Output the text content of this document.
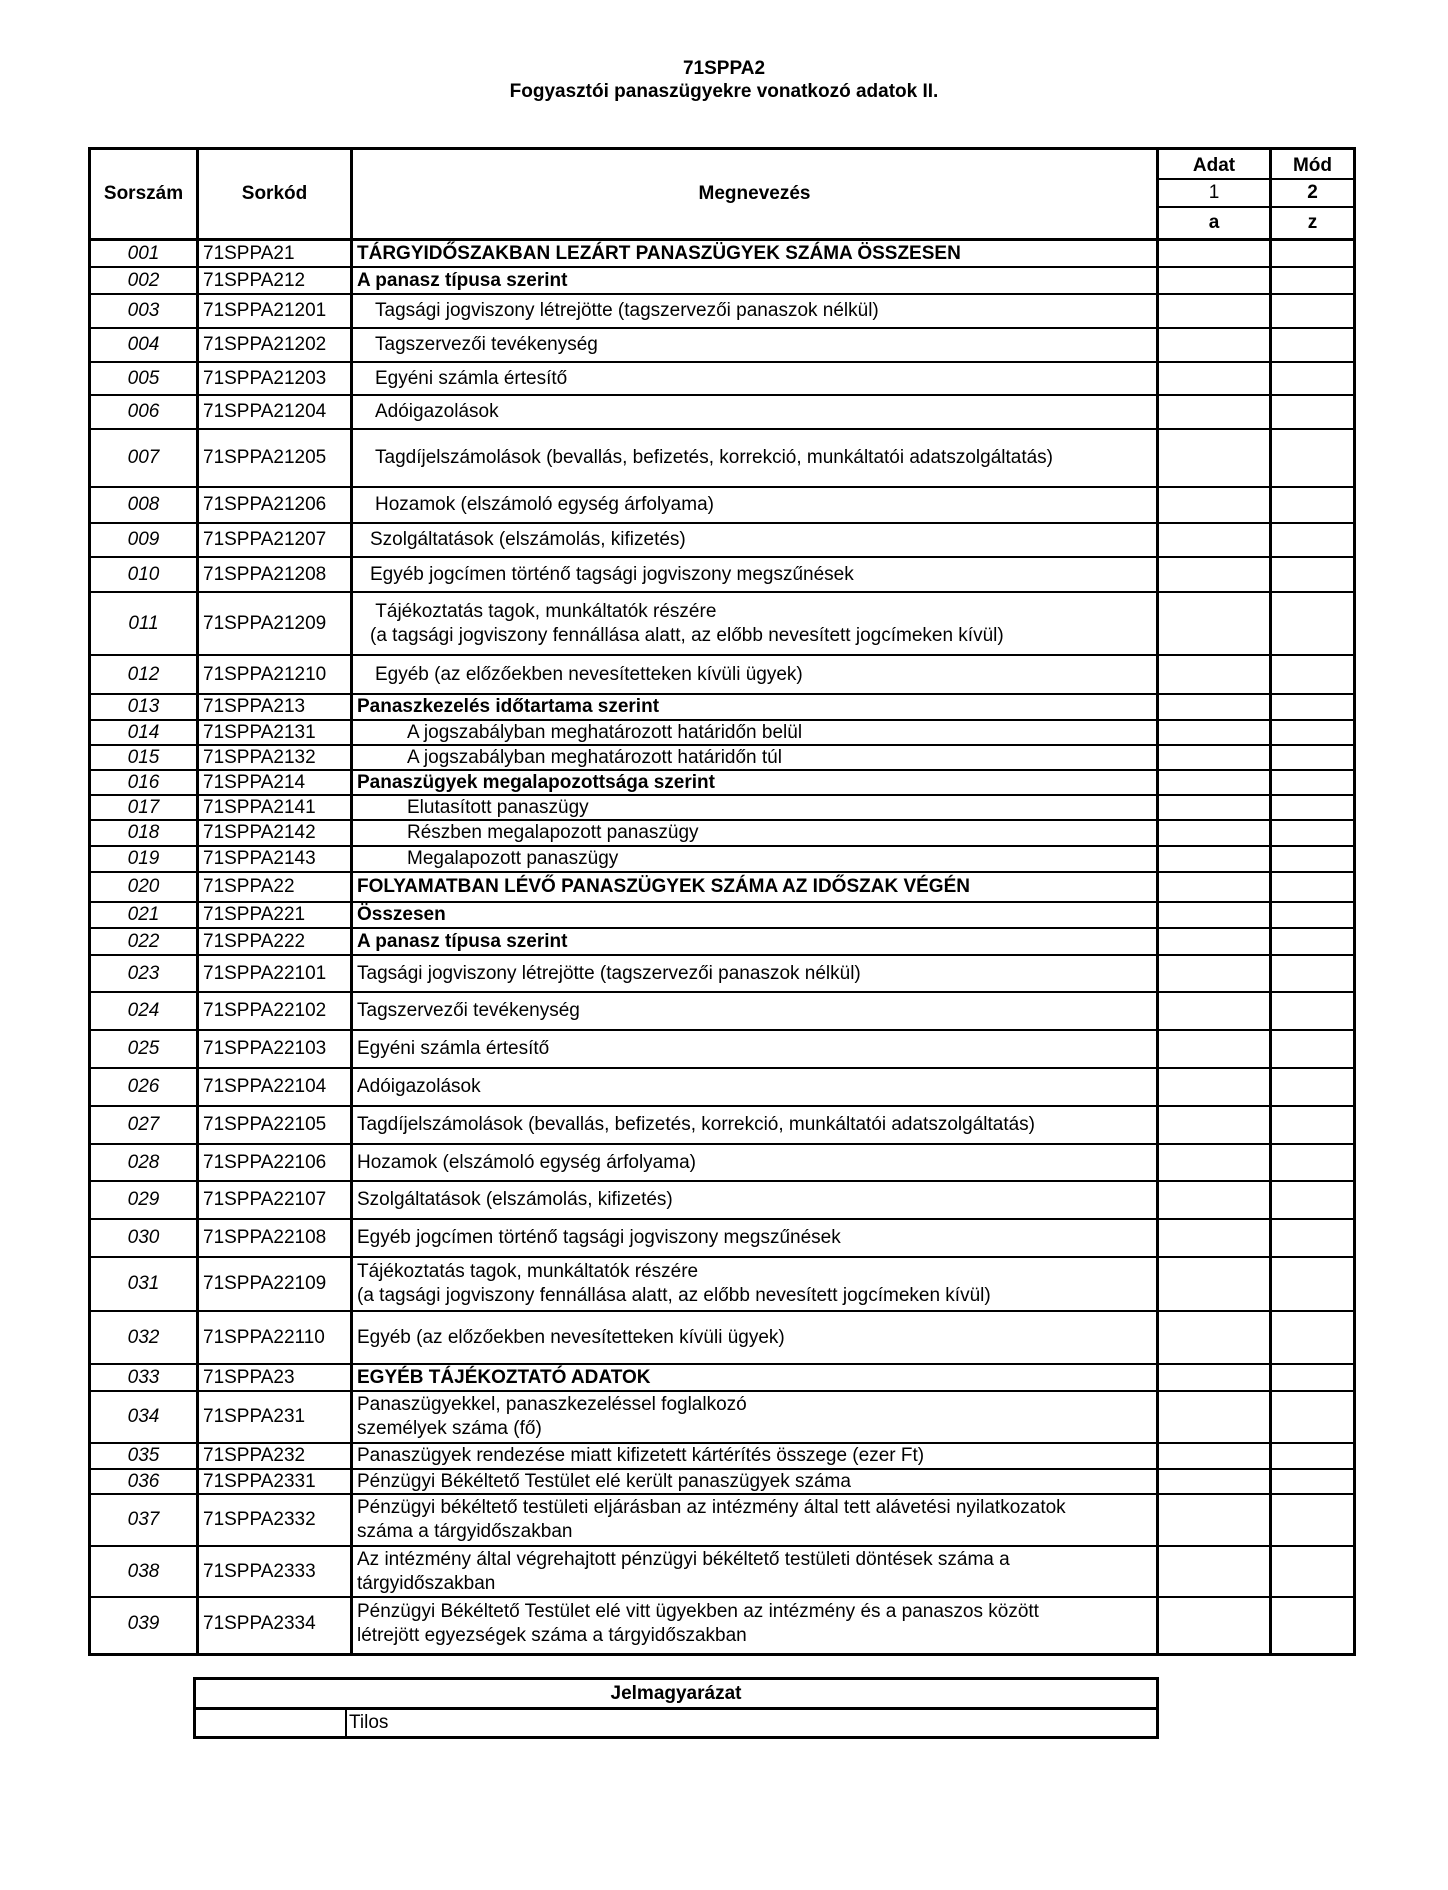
71SPPA2
Fogyasztói panaszügyekre vonatkozó adatok II.
Sorszám	Sorkód	Megnevezés
Adat	Mód
1	2
a	z
001	71SPPA21	TÁRGYIDŐSZAKBAN LEZÁRT PANASZÜGYEK SZÁMA ÖSSZESEN
002	71SPPA212	A panasz típusa szerint
003	71SPPA21201	Tagsági jogviszony létrejötte (tagszervezői panaszok nélkül)
004	71SPPA21202	Tagszervezői tevékenység
005	71SPPA21203	Egyéni számla értesítő
006	71SPPA21204	Adóigazolások
007	71SPPA21205	Tagdíjelszámolások (bevallás, befizetés, korrekció, munkáltatói adatszolgáltatás)
008	71SPPA21206	Hozamok (elszámoló egység árfolyama)
009	71SPPA21207	Szolgáltatások (elszámolás, kifizetés)
010	71SPPA21208	Egyéb jogcímen történő tagsági jogviszony megszűnések
011	71SPPA21209
Tájékoztatás tagok, munkáltatók részére
(a tagsági jogviszony fennállása alatt, az előbb nevesített jogcímeken kívül)
012	71SPPA21210	Egyéb (az előzőekben nevesítetteken kívüli ügyek)
013	71SPPA213	Panaszkezelés időtartama szerint
014	71SPPA2131	A jogszabályban meghatározott határidőn belül
015	71SPPA2132	A jogszabályban meghatározott határidőn túl
016	71SPPA214	Panaszügyek megalapozottsága szerint
017	71SPPA2141	Elutasított panaszügy
018	71SPPA2142	Részben megalapozott panaszügy
019	71SPPA2143	Megalapozott panaszügy
020	71SPPA22	FOLYAMATBAN LÉVŐ PANASZÜGYEK SZÁMA AZ IDŐSZAK VÉGÉN
021	71SPPA221	Összesen
022	71SPPA222	A panasz típusa szerint
023	71SPPA22101	Tagsági jogviszony létrejötte (tagszervezői panaszok nélkül)
024	71SPPA22102	Tagszervezői tevékenység
025	71SPPA22103	Egyéni számla értesítő
026	71SPPA22104	Adóigazolások
027	71SPPA22105	Tagdíjelszámolások (bevallás, befizetés, korrekció, munkáltatói adatszolgáltatás)
028	71SPPA22106	Hozamok (elszámoló egység árfolyama)
029	71SPPA22107	Szolgáltatások (elszámolás, kifizetés)
030	71SPPA22108	Egyéb jogcímen történő tagsági jogviszony megszűnések
031	71SPPA22109
Tájékoztatás tagok, munkáltatók részére
(a tagsági jogviszony fennállása alatt, az előbb nevesített jogcímeken kívül)
032	71SPPA22110	Egyéb (az előzőekben nevesítetteken kívüli ügyek)
033	71SPPA23	EGYÉB TÁJÉKOZTATÓ ADATOK
034	71SPPA231
Panaszügyekkel, panaszkezeléssel foglalkozó
személyek száma (fő)
035	71SPPA232	Panaszügyek rendezése miatt kifizetett kártérítés összege (ezer Ft)
036	71SPPA2331	Pénzügyi Békéltető Testület elé került panaszügyek száma
037	71SPPA2332
Pénzügyi békéltető testületi eljárásban az intézmény által tett alávetési nyilatkozatok
száma a tárgyidőszakban
038	71SPPA2333
Az intézmény által végrehajtott pénzügyi békéltető testületi döntések száma a
tárgyidőszakban
039	71SPPA2334
Pénzügyi Békéltető Testület elé vitt ügyekben az intézmény és a panaszos között
létrejött egyezségek száma a tárgyidőszakban
Jelmagyarázat
Tilos
